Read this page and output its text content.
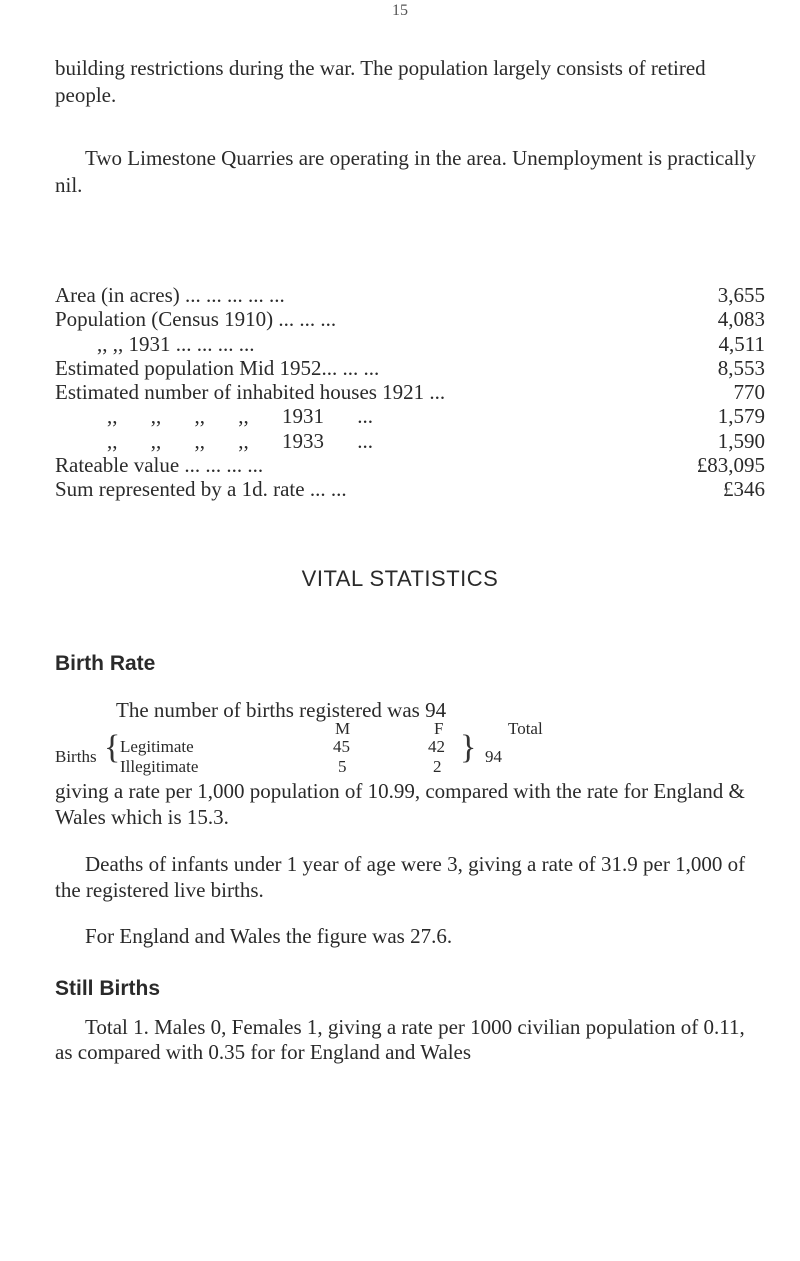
15
building restrictions during the war. The population largely consists of retired people.
Two Limestone Quarries are operating in the area. Unemployment is practically nil.
Area (in acres) ... ... ... ... ...	3,655
Population (Census 1910) ... ... ...	4,083
,, ,, 1931 ... ... ... ...	4,511
Estimated population Mid 1952... ... ...	8,553
Estimated number of inhabited houses 1921 ...	770
,, ,, ,, ,, 1931 ...	1,579
,, ,, ,, ,, 1933 ...	1,590
Rateable value ... ... ... ...	£83,095
Sum represented by a 1d. rate ... ...	£346
VITAL STATISTICS
Birth Rate
The number of births registered was 94
M	F	Total
Births { Legitimate	45	42
Illegitimate	5	2
} 94
giving a rate per 1,000 population of 10.99, compared with the rate for England & Wales which is 15.3.
Deaths of infants under 1 year of age were 3, giving a rate of 31.9 per 1,000 of the registered live births.
For England and Wales the figure was 27.6.
Still Births
Total 1. Males 0, Females 1, giving a rate per 1000 civilian population of 0.11, as compared with 0.35 for for England and Wales
